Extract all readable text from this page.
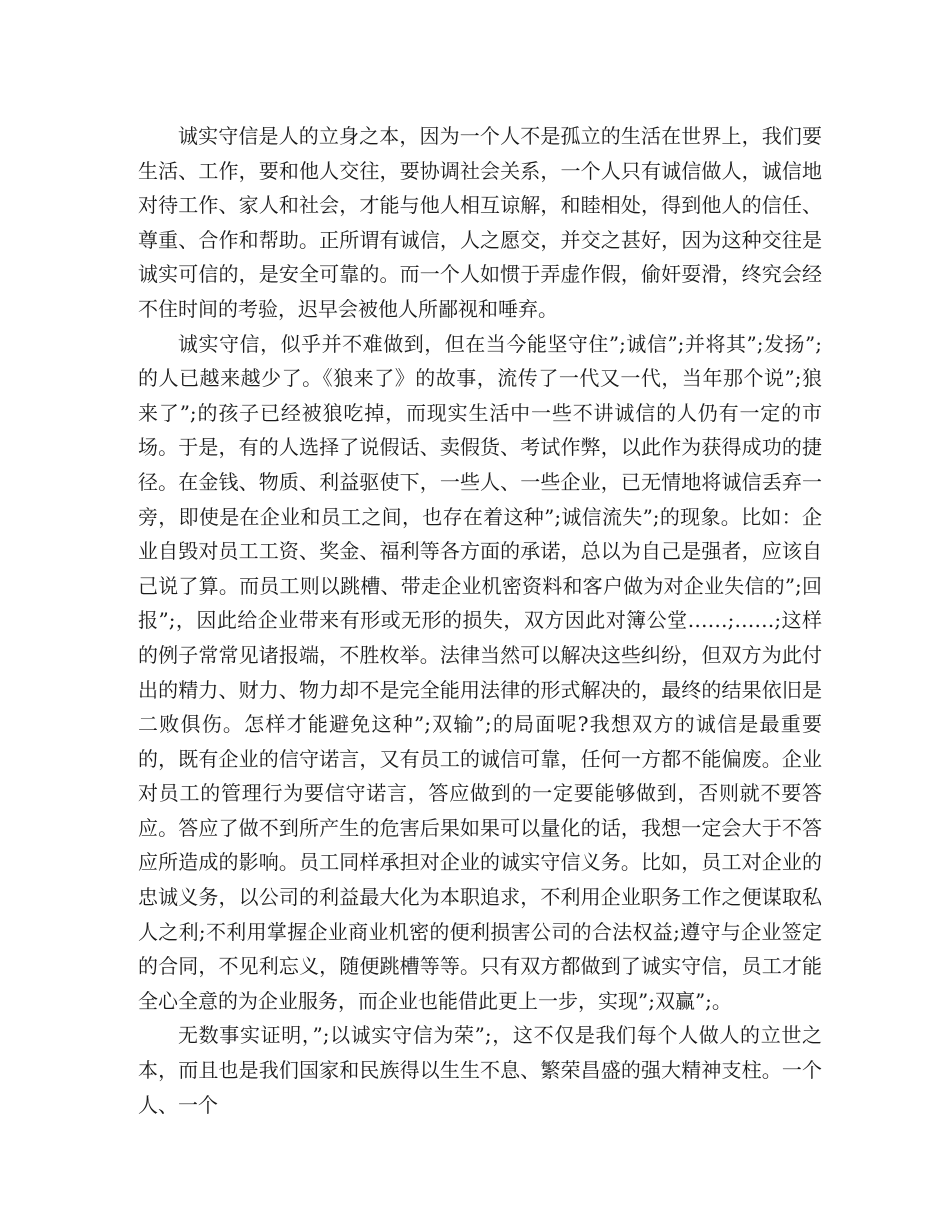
诚实守信是人的立身之本，因为一个人不是孤立的生活在世界上，我们要生活、工作，要和他人交往，要协调社会关系，一个人只有诚信做人，诚信地对待工作、家人和社会，才能与他人相互谅解，和睦相处，得到他人的信任、尊重、合作和帮助。正所谓有诚信，人之愿交，并交之甚好，因为这种交往是诚实可信的，是安全可靠的。而一个人如惯于弄虚作假，偷奸耍滑，终究会经不住时间的考验，迟早会被他人所鄙视和唾弃。

诚实守信，似乎并不难做到，但在当今能坚守住”;诚信”;并将其”;发扬”;的人已越来越少了。《狼来了》的故事，流传了一代又一代，当年那个说”;狼来了”;的孩子已经被狼吃掉，而现实生活中一些不讲诚信的人仍有一定的市场。于是，有的人选择了说假话、卖假货、考试作弊，以此作为获得成功的捷径。在金钱、物质、利益驱使下，一些人、一些企业，已无情地将诚信丢弃一旁，即使是在企业和员工之间，也存在着这种”;诚信流失”;的现象。比如：企业自毁对员工工资、奖金、福利等各方面的承诺，总以为自己是强者，应该自己说了算。而员工则以跳槽、带走企业机密资料和客户做为对企业失信的”;回报”;，因此给企业带来有形或无形的损失，双方因此对簿公堂……;……;这样的例子常常见诸报端，不胜枚举。法律当然可以解决这些纠纷，但双方为此付出的精力、财力、物力却不是完全能用法律的形式解决的，最终的结果依旧是二败俱伤。怎样才能避免这种”;双输”;的局面呢?我想双方的诚信是最重要的，既有企业的信守诺言，又有员工的诚信可靠，任何一方都不能偏废。企业对员工的管理行为要信守诺言，答应做到的一定要能够做到，否则就不要答应。答应了做不到所产生的危害后果如果可以量化的话，我想一定会大于不答应所造成的影响。员工同样承担对企业的诚实守信义务。比如，员工对企业的忠诚义务，以公司的利益最大化为本职追求，不利用企业职务工作之便谋取私人之利;不利用掌握企业商业机密的便利损害公司的合法权益;遵守与企业签定的合同，不见利忘义，随便跳槽等等。只有双方都做到了诚实守信，员工才能全心全意的为企业服务，而企业也能借此更上一步，实现”;双赢”;。

无数事实证明，”;以诚实守信为荣”;，这不仅是我们每个人做人的立世之本，而且也是我们国家和民族得以生生不息、繁荣昌盛的强大精神支柱。一个人、一个
